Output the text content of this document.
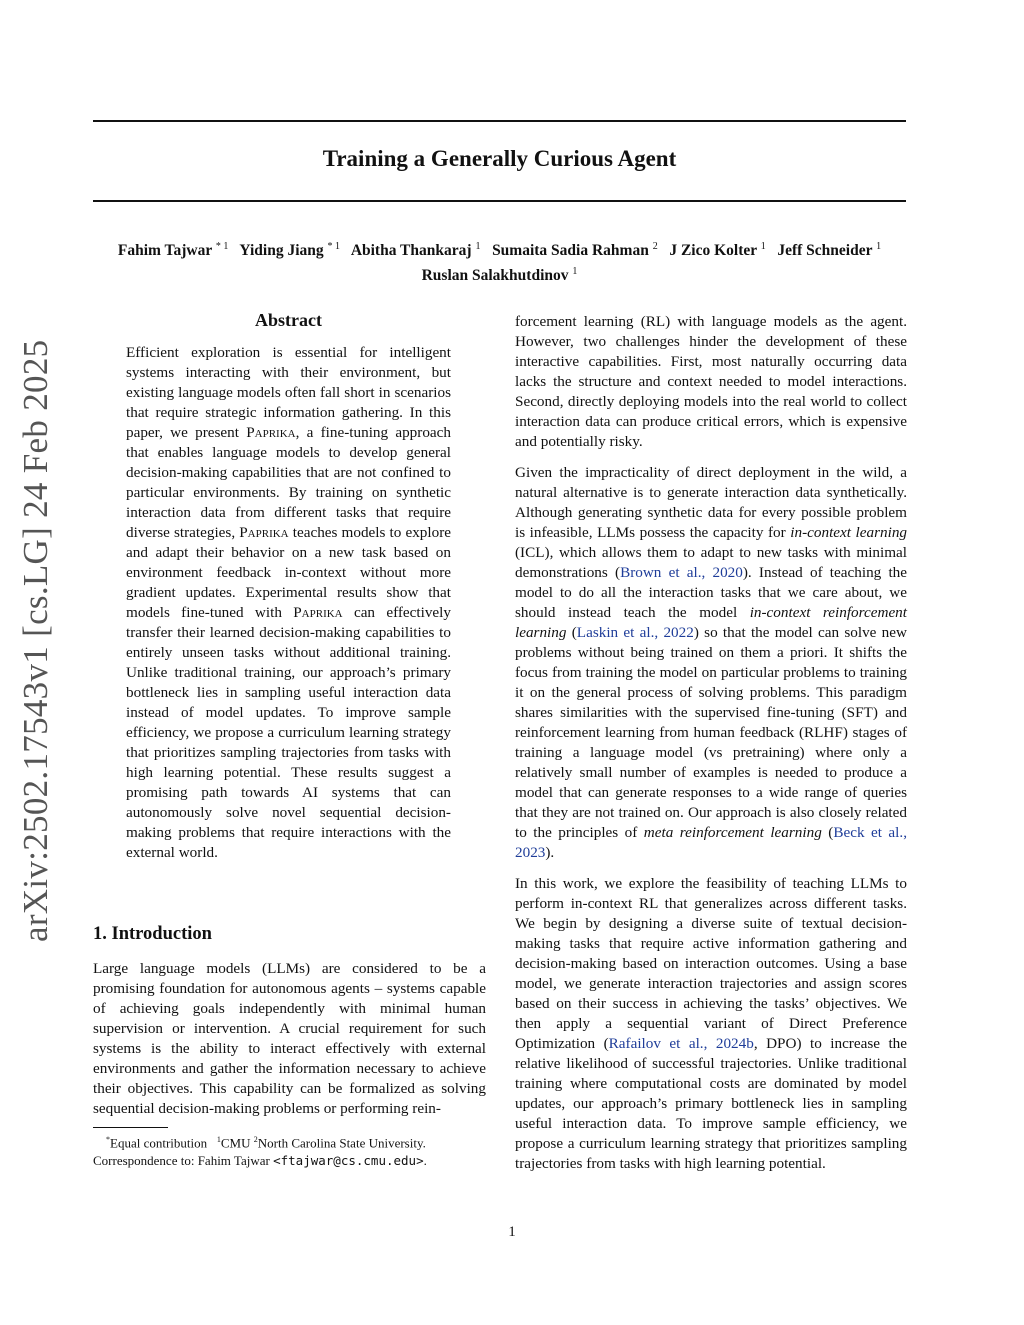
Training a Generally Curious Agent
Fahim Tajwar $^{* 1}$ Yiding Jiang $^{* 1}$ Abitha Thankaraj $^1$ Sumaita Sadia Rahman $^2$ J Zico Kolter $^1$ Jeff Schneider $^1$
Ruslan Salakhutdinov $^1$
arXiv:2502.17543v1 [cs.LG] 24 Feb 2025
Abstract

Efficient exploration is essential for intelligent systems interacting with their environment, but existing language models often fall short in scenarios that require strategic information gathering. In this paper, we present Paprika, a fine-tuning approach that enables language models to develop general decision-making capabilities that are not confined to particular environments. By training on synthetic interaction data from different tasks that require diverse strategies, Paprika teaches models to explore and adapt their behavior on a new task based on environment feedback in-context without more gradient updates. Experimental results show that models fine-tuned with Paprika can effectively transfer their learned decision-making capabilities to entirely unseen tasks without additional training. Unlike traditional training, our approach’s primary bottleneck lies in sampling useful interaction data instead of model updates. To improve sample efficiency, we propose a curriculum learning strategy that prioritizes sampling trajectories from tasks with high learning potential. These results suggest a promising path towards AI systems that can autonomously solve novel sequential decision-making problems that require interactions with the external world.

1. Introduction

Large language models (LLMs) are considered to be a promising foundation for autonomous agents – systems capable of achieving goals independently with minimal human supervision or intervention. A crucial requirement for such systems is the ability to interact effectively with external environments and gather the information necessary to achieve their objectives. This capability can be formalized as solving sequential decision-making problems or performing rein-

*Equal contribution $^1$CMU $^2$North Carolina State University.
Correspondence to: Fahim Tajwar <ftajwar@cs.cmu.edu>.

forcement learning (RL) with language models as the agent. However, two challenges hinder the development of these interactive capabilities. First, most naturally occurring data lacks the structure and context needed to model interactions. Second, directly deploying models into the real world to collect interaction data can produce critical errors, which is expensive and potentially risky.

Given the impracticality of direct deployment in the wild, a natural alternative is to generate interaction data synthetically. Although generating synthetic data for every possible problem is infeasible, LLMs possess the capacity for in-context learning (ICL), which allows them to adapt to new tasks with minimal demonstrations (Brown et al., 2020). Instead of teaching the model to do all the interaction tasks that we care about, we should instead teach the model in-context reinforcement learning (Laskin et al., 2022) so that the model can solve new problems without being trained on them a priori. It shifts the focus from training the model on particular problems to training it on the general process of solving problems. This paradigm shares similarities with the supervised fine-tuning (SFT) and reinforcement learning from human feedback (RLHF) stages of training a language model (vs pretraining) where only a relatively small number of examples is needed to produce a model that can generate responses to a wide range of queries that they are not trained on. Our approach is also closely related to the principles of meta reinforcement learning (Beck et al., 2023).

In this work, we explore the feasibility of teaching LLMs to perform in-context RL that generalizes across different tasks. We begin by designing a diverse suite of textual decision-making tasks that require active information gathering and decision-making based on interaction outcomes. Using a base model, we generate interaction trajectories and assign scores based on their success in achieving the tasks’ objectives. We then apply a sequential variant of Direct Preference Optimization (Rafailov et al., 2024b, DPO) to increase the relative likelihood of successful trajectories. Unlike traditional training where computational costs are dominated by model updates, our approach’s primary bottleneck lies in sampling useful interaction data. To improve sample efficiency, we propose a curriculum learning strategy that prioritizes sampling trajectories from tasks with high learning potential.

1
